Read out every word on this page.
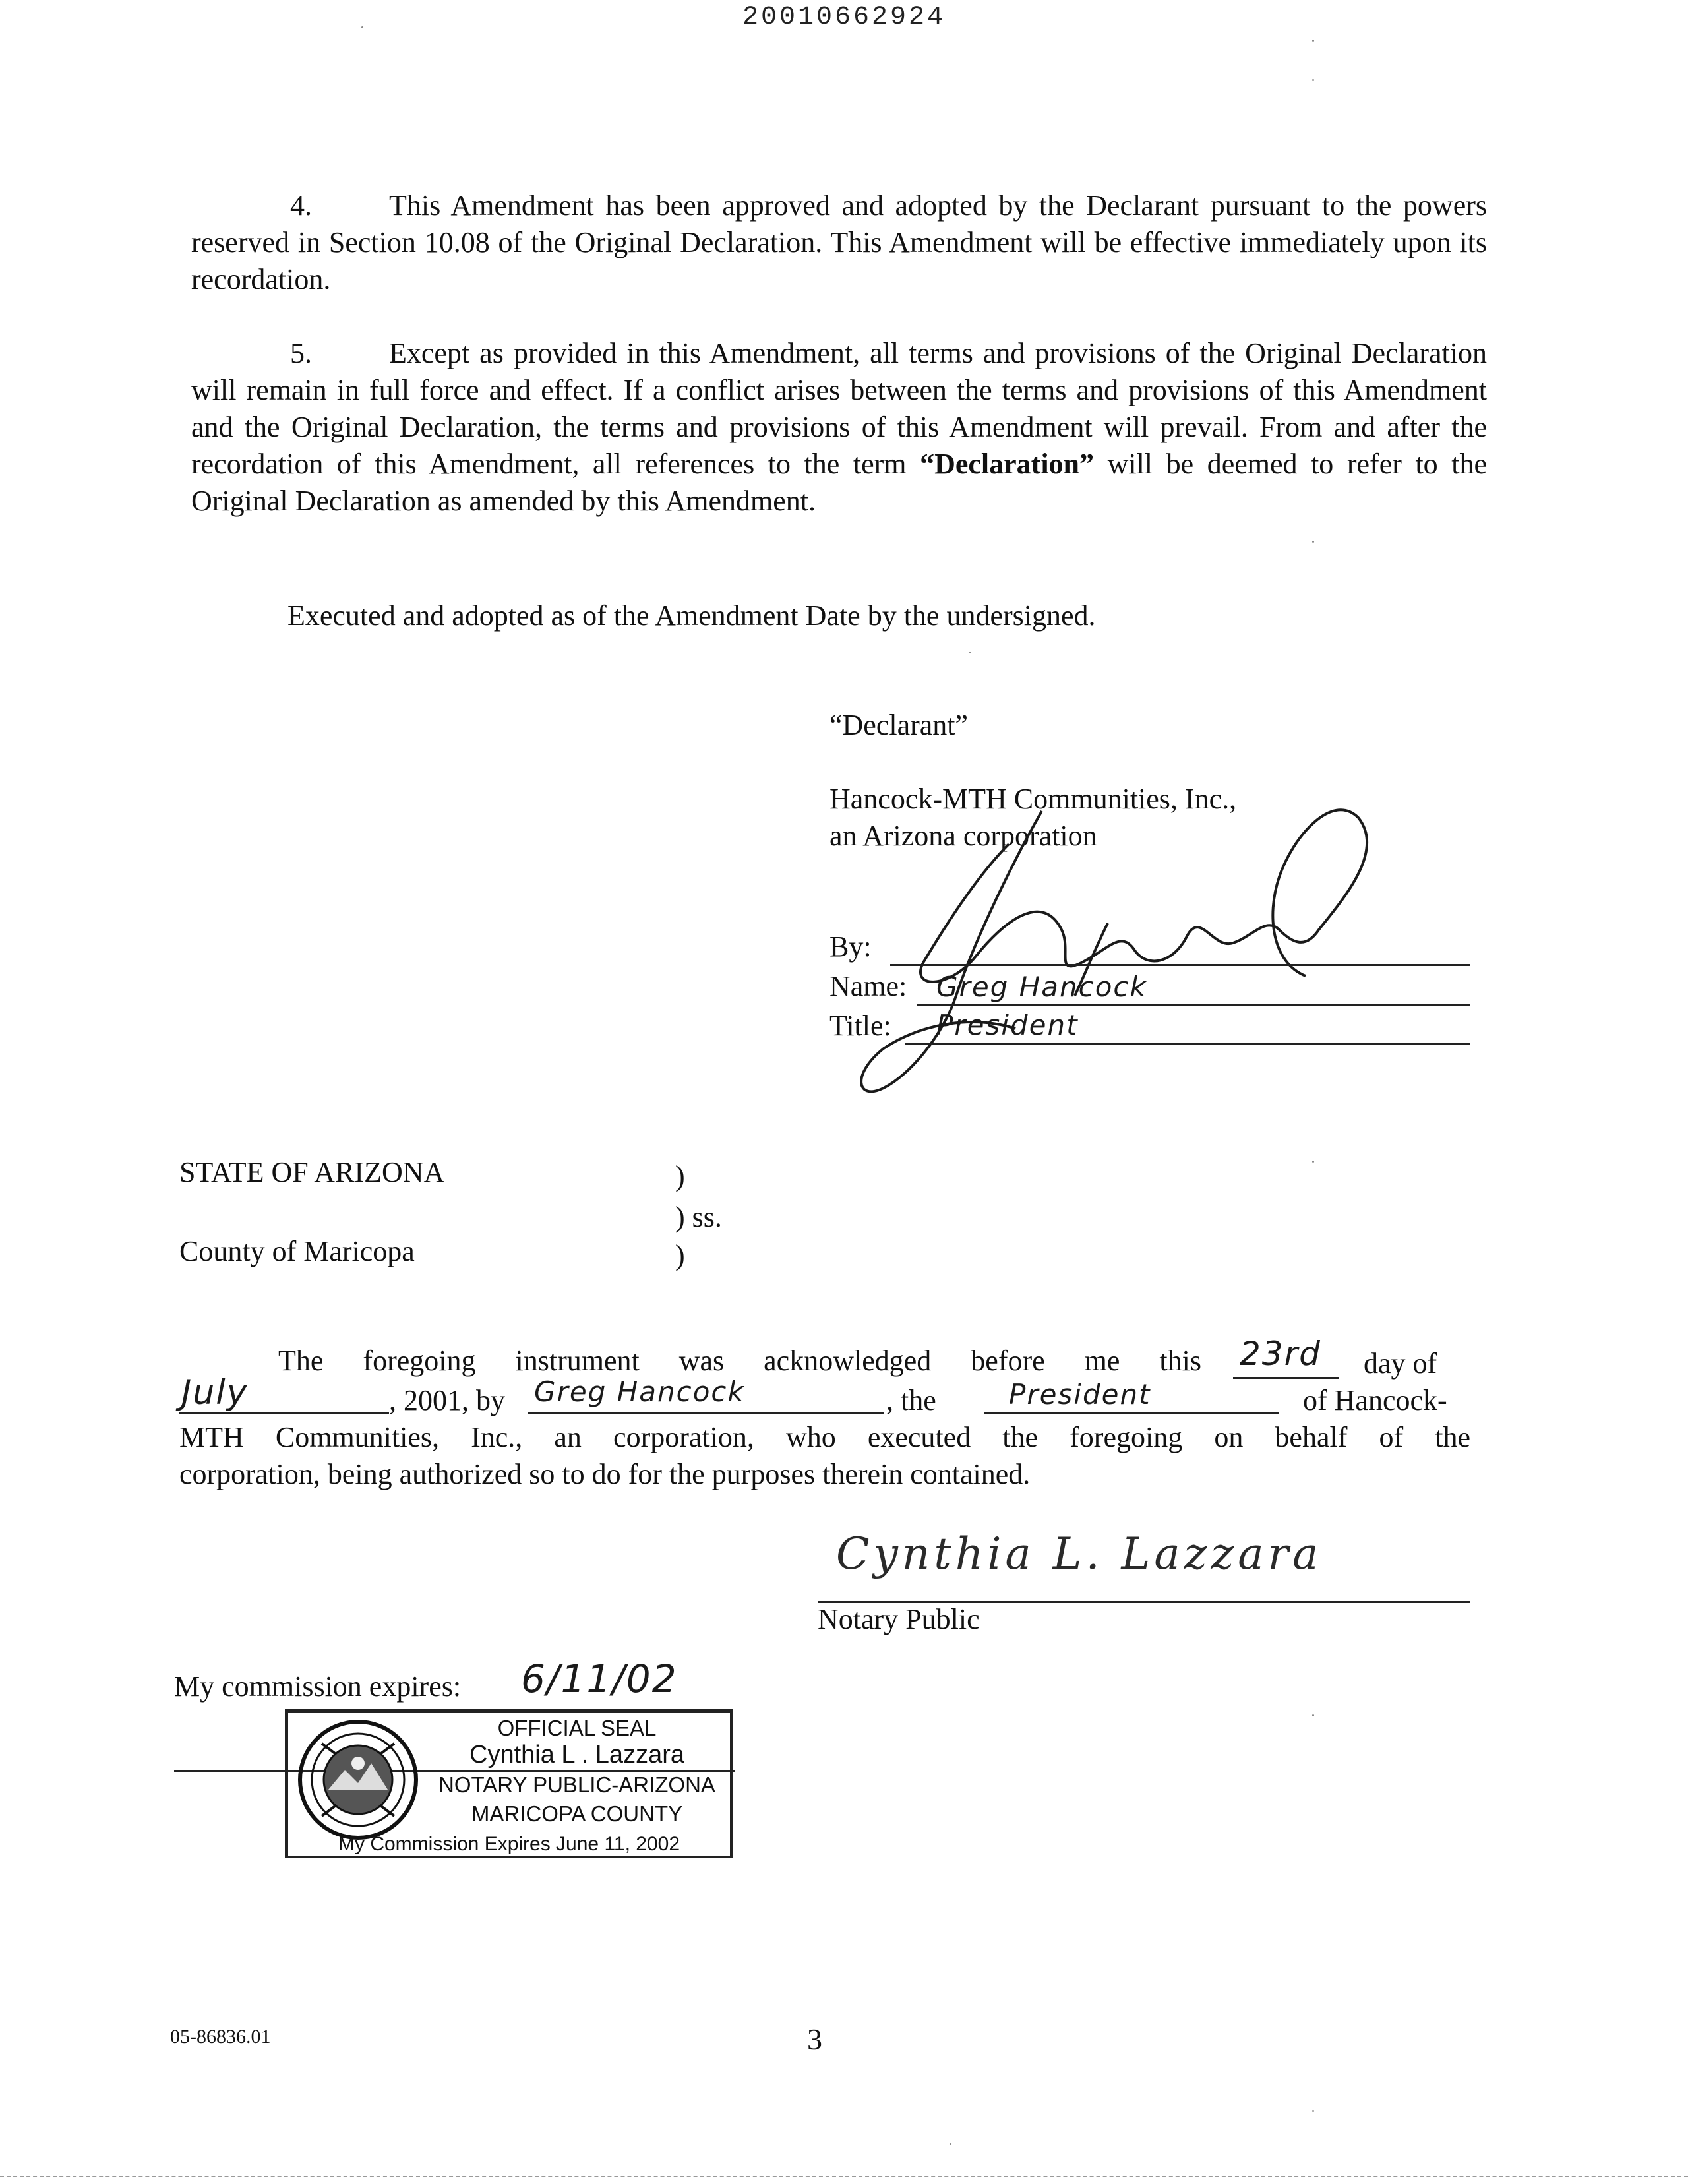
20010662924
4.	This Amendment has been approved and adopted by the Declarant pursuant to the powers reserved in Section 10.08 of the Original Declaration. This Amendment will be effective immediately upon its recordation.
5.	Except as provided in this Amendment, all terms and provisions of the Original Declaration will remain in full force and effect. If a conflict arises between the terms and provisions of this Amendment and the Original Declaration, the terms and provisions of this Amendment will prevail. From and after the recordation of this Amendment, all references to the term “Declaration” will be deemed to refer to the Original Declaration as amended by this Amendment.
Executed and adopted as of the Amendment Date by the undersigned.
“Declarant”
Hancock-MTH Communities, Inc.,
an Arizona corporation
By:
Name: Greg Hancock
Title: President
STATE OF ARIZONA	)
) ss.
County of Maricopa	)
The foregoing instrument was acknowledged before me this 23rd day of
July	, 2001, by Greg Hancock	, the	President	of Hancock-
MTH Communities, Inc., an corporation, who executed the foregoing on behalf of the
corporation, being authorized so to do for the purposes therein contained.
Cynthia L. Lazzara
Notary Public
My commission expires: 6/11/02
OFFICIAL SEAL
Cynthia L . Lazzara
NOTARY PUBLIC-ARIZONA
MARICOPA COUNTY
My Commission Expires June 11, 2002
05-86836.01	3
